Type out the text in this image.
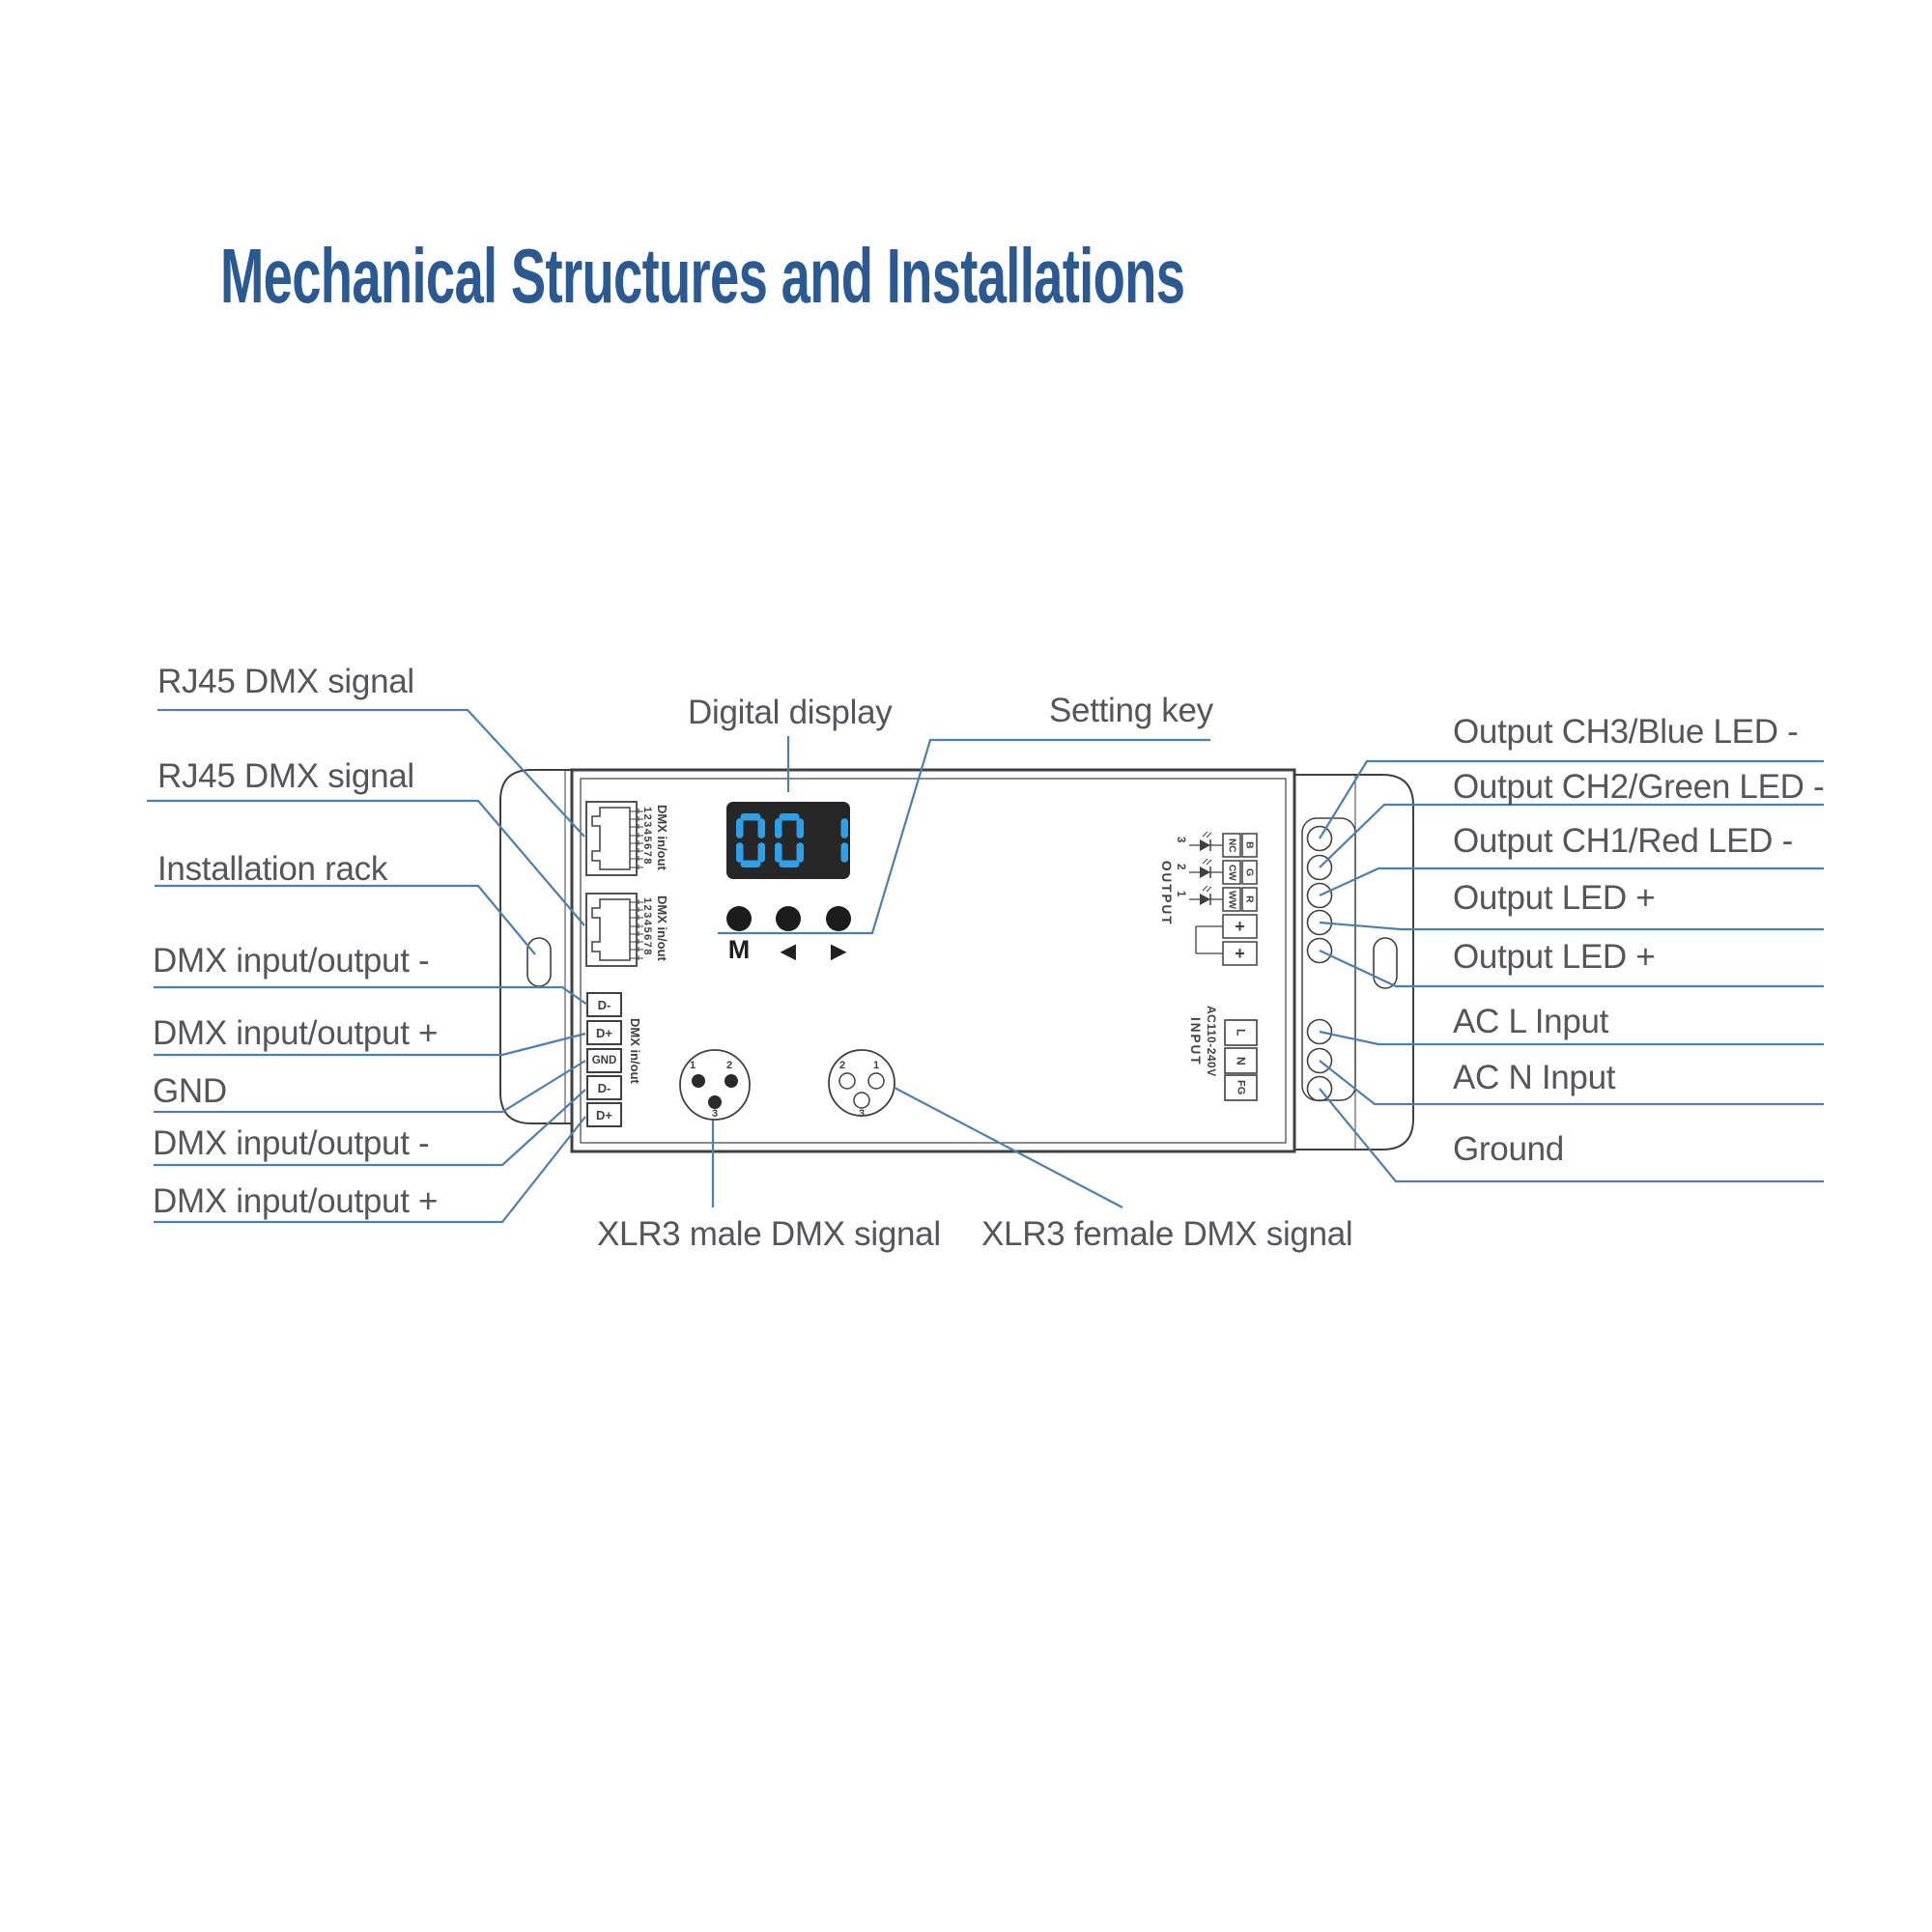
Mechanical Structures and Installations
RJ45 DMX signal
RJ45 DMX signal
Installation rack
DMX input/output -
DMX input/output +
GND
DMX input/output -
DMX input/output +
Digital display	Setting key
XLR3 male DMX signal XLR3 female DMX signal
Output CH3/Blue LED -
Output CH2/Green LED -
Output CH1/Red LED -
Output LED +
Output LED +
AC L Input
AC N Input
Ground
12345678 DMX in/out
12345678 DMX in/out
DMX in/out
D-
D+
GND
D-
D+
M	◀	▶
1	2
3
2	1
3
OUTPUT
3
2
1
NC
CW
WW
B
G
R
+
+
INPUT AC110-240V	L
N
FG
